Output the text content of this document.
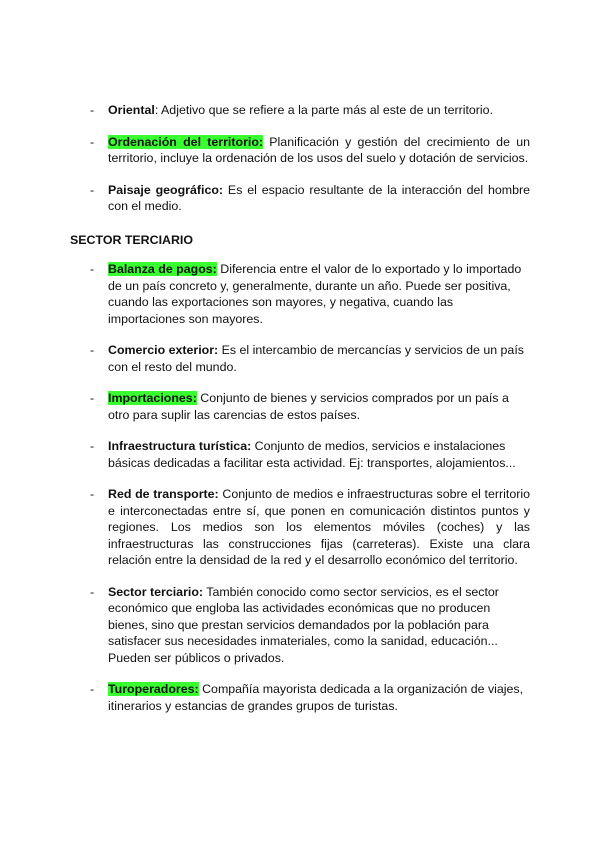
-	Oriental: Adjetivo que se refiere a la parte más al este de un territorio.
-	Ordenación del territorio: Planificación y gestión del crecimiento de un territorio, incluye la ordenación de los usos del suelo y dotación de servicios.
-	Paisaje geográfico: Es el espacio resultante de la interacción del hombre con el medio.
SECTOR TERCIARIO
-	Balanza de pagos: Diferencia entre el valor de lo exportado y lo importado de un país concreto y, generalmente, durante un año. Puede ser positiva, cuando las exportaciones son mayores, y negativa, cuando las importaciones son mayores.
-	Comercio exterior: Es el intercambio de mercancías y servicios de un país con el resto del mundo.
-	Importaciones: Conjunto de bienes y servicios comprados por un país a otro para suplir las carencias de estos países.
-	Infraestructura turística: Conjunto de medios, servicios e instalaciones básicas dedicadas a facilitar esta actividad. Ej: transportes, alojamientos...
-	Red de transporte: Conjunto de medios e infraestructuras sobre el territorio e interconectadas entre sí, que ponen en comunicación distintos puntos y regiones. Los medios son los elementos móviles (coches) y las infraestructuras las construcciones fijas (carreteras). Existe una clara relación entre la densidad de la red y el desarrollo económico del territorio.
-	Sector terciario: También conocido como sector servicios, es el sector económico que engloba las actividades económicas que no producen bienes, sino que prestan servicios demandados por la población para satisfacer sus necesidades inmateriales, como la sanidad, educación... Pueden ser públicos o privados.
-	Turoperadores: Compañía mayorista dedicada a la organización de viajes, itinerarios y estancias de grandes grupos de turistas.
